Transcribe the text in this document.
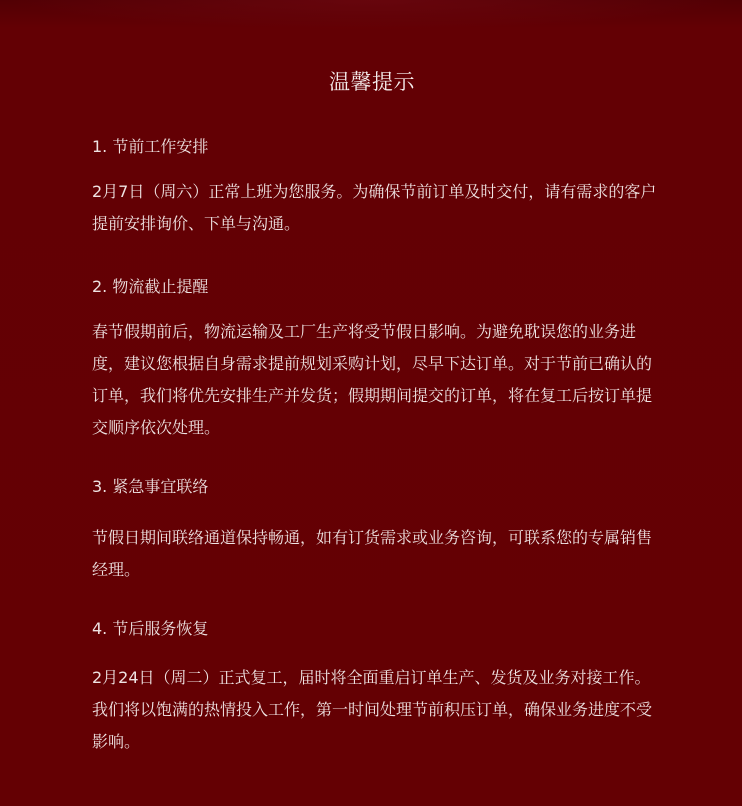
温馨提示
1. 节前工作安排

2月7日（周六）正常上班为您服务。为确保节前订单及时交付，请有需求的客户提前安排询价、下单与沟通。

2. 物流截止提醒

春节假期前后，物流运输及工厂生产将受节假日影响。为避免耽误您的业务进度，建议您根据自身需求提前规划采购计划，尽早下达订单。对于节前已确认的订单，我们将优先安排生产并发货；假期期间提交的订单，将在复工后按订单提交顺序依次处理。

3. 紧急事宜联络

节假日期间联络通道保持畅通，如有订货需求或业务咨询，可联系您的专属销售经理。

4. 节后服务恢复

2月24日（周二）正式复工，届时将全面重启订单生产、发货及业务对接工作。我们将以饱满的热情投入工作，第一时间处理节前积压订单，确保业务进度不受影响。
